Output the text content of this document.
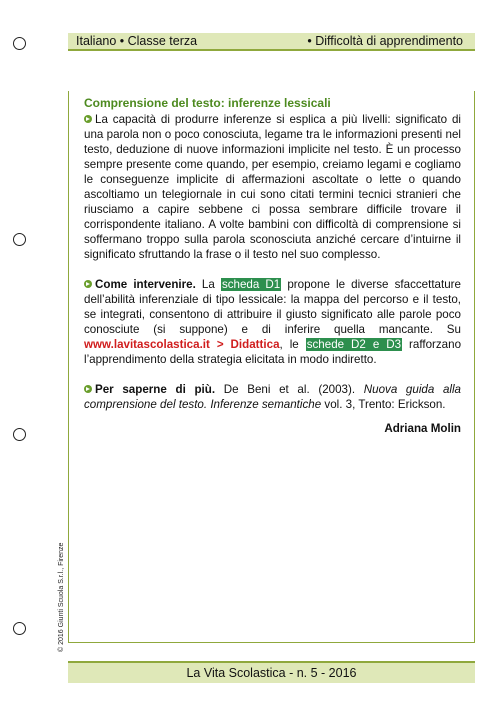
Italiano • Classe terza	• Difficoltà di apprendimento

Comprensione del testo: inferenze lessicali

La capacità di produrre inferenze si esplica a più livelli: significato di una parola non o poco conosciuta, legame tra le informazioni presenti nel testo, deduzione di nuove informazioni implicite nel testo. È un processo sempre presente come quando, per esempio, creiamo legami e cogliamo le conseguenze implicite di affermazioni ascoltate o lette o quando ascoltiamo un telegiornale in cui sono citati termini tecnici stranieri che riusciamo a capire sebbene ci possa sembrare difficile trovare il corrispondente italiano. A volte bambini con difficoltà di comprensione si soffermano troppo sulla parola sconosciuta anziché cercare d’intuirne il significato sfruttando la frase o il testo nel suo complesso.

Come intervenire. La scheda D1 propone le diverse sfaccettature dell’abilità inferenziale di tipo lessicale: la mappa del percorso e il testo, se integrati, consentono di attribuire il giusto significato alle parole poco conosciute (si suppone) e di inferire quella mancante. Su www.lavitascolastica.it > Didattica, le schede D2 e D3 rafforzano l’apprendimento della strategia elicitata in modo indiretto.

Per saperne di più. De Beni et al. (2003). Nuova guida alla comprensione del testo. Inferenze semantiche vol. 3, Trento: Erickson.

Adriana Molin

© 2016 Giunti Scuola S.r.l., Firenze
La Vita Scolastica - n. 5 - 2016
